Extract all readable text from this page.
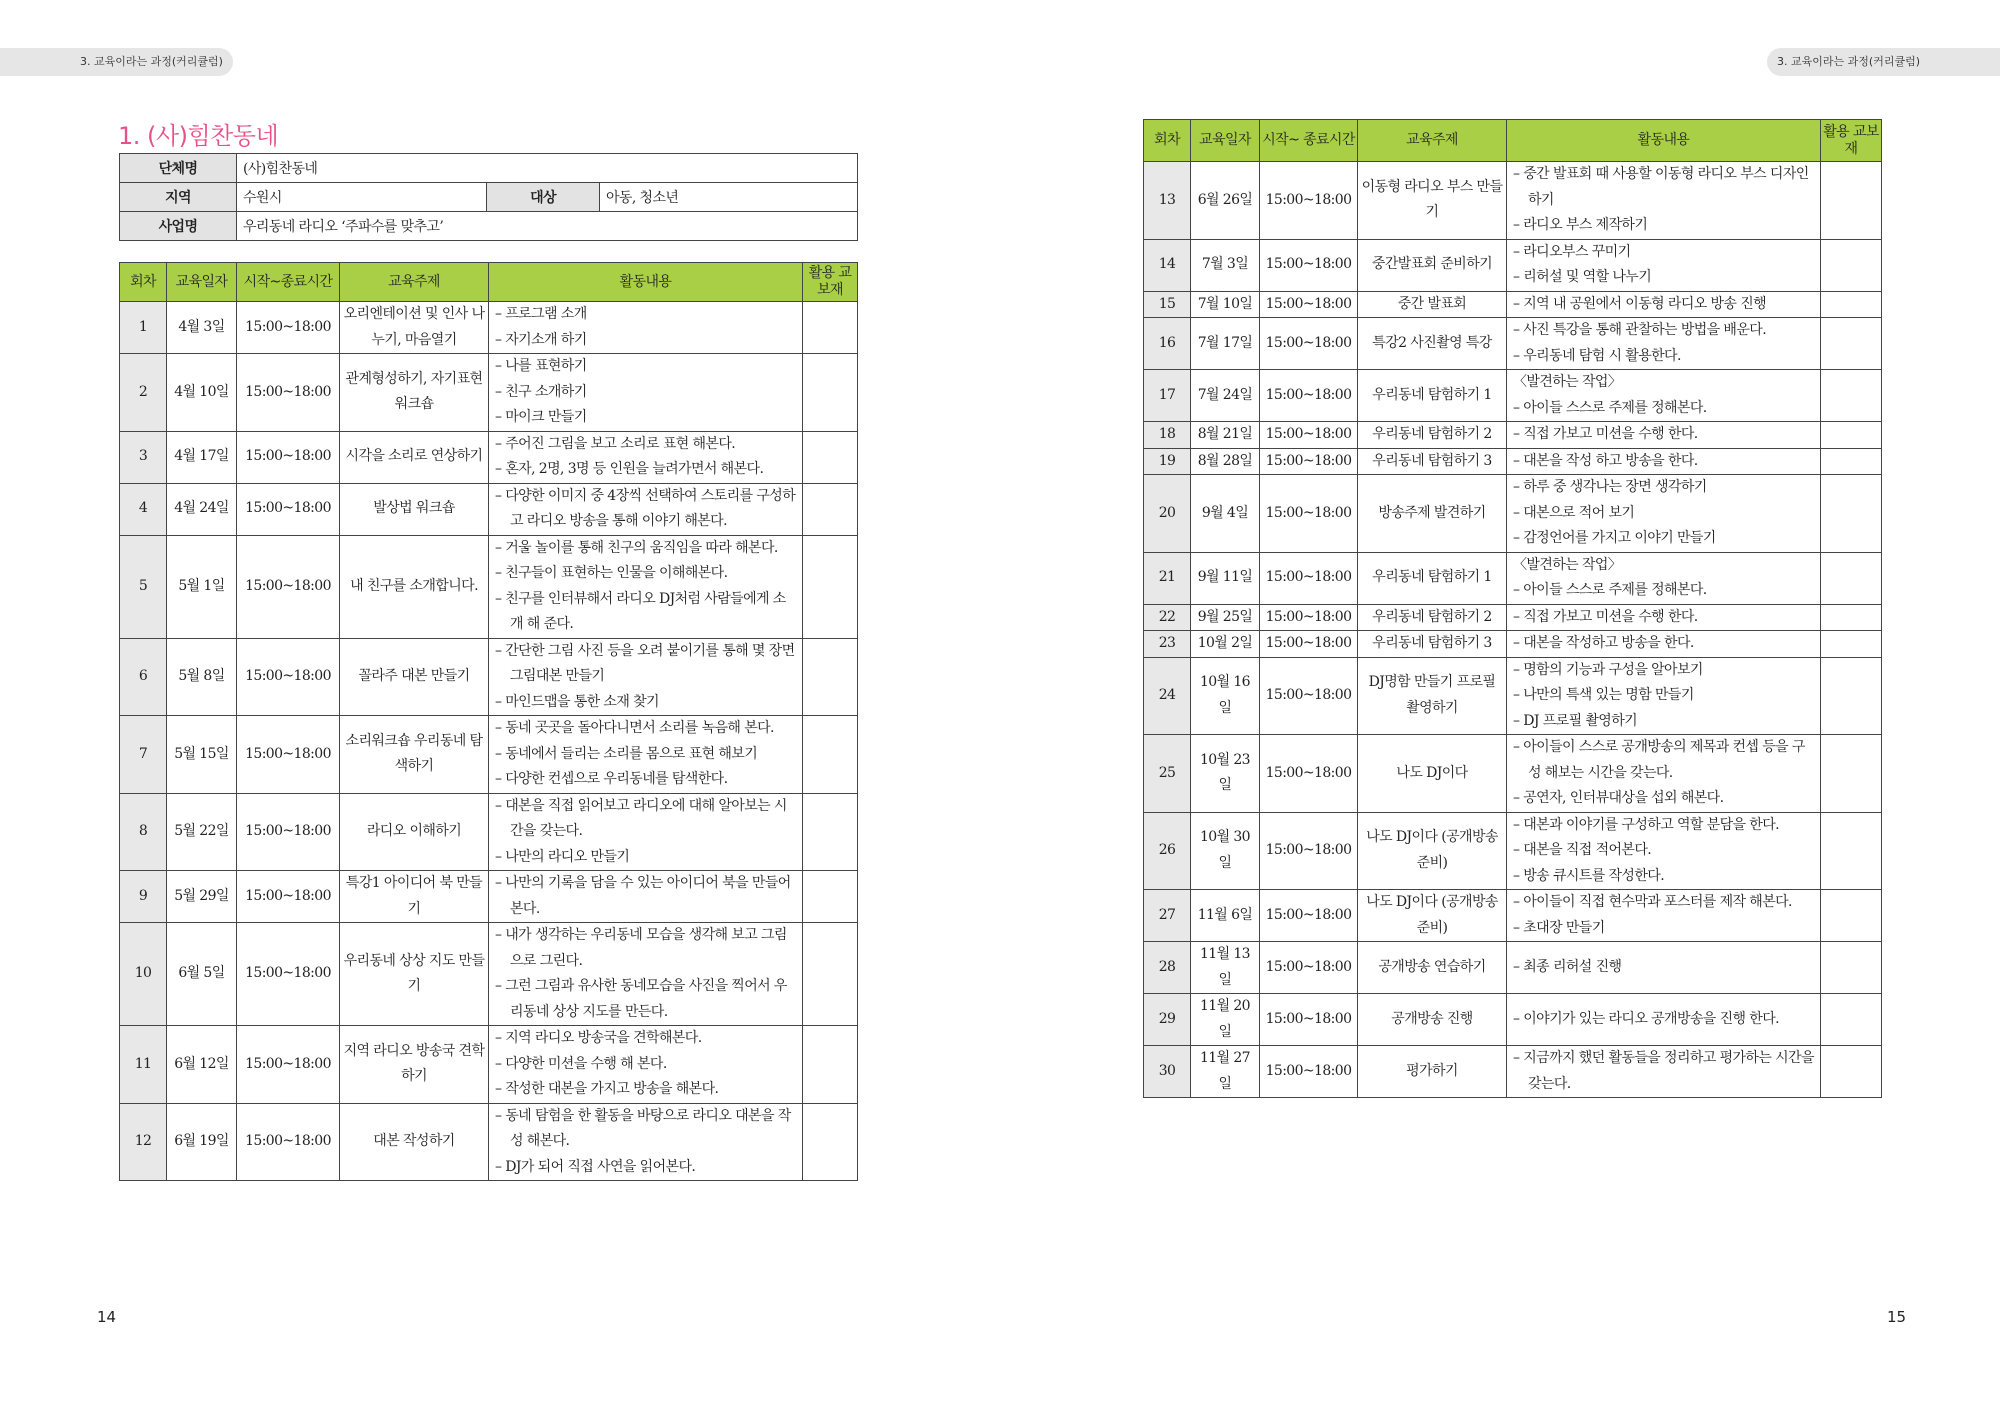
3. 교육이라는 과정(커리큘럼)	3. 교육이라는 과정(커리큘럼)
1. (사)힘찬동네
단체명	(사)힘찬동네		
지역	수원시	대상	아동, 청소년
사업명	우리동네 라디오 ‘주파수를 맞추고’		
회차	교육일자	시작~종료시간	교육주제	활동내용	활용 교보재
1	4월 3일	15:00~18:00	오리엔테이션 및 인사 나누기, 마음열기	– 프로그램 소개
– 자기소개 하기	

2	4월 10일	15:00~18:00	관계형성하기, 자기표현 워크숍	– 나를 표현하기
– 친구 소개하기
– 마이크 만들기	

3	4월 17일	15:00~18:00	시각을 소리로 연상하기	– 주어진 그림을 보고 소리로 표현 해본다.
– 혼자, 2명, 3명 등 인원을 늘려가면서 해본다.	

4	4월 24일	15:00~18:00	발상법 워크숍	– 다양한 이미지 중 4장씩 선택하여 스토리를 구성하고 라디오 방송을 통해 이야기 해본다.	

5	5월 1일	15:00~18:00	내 친구를 소개합니다.	– 거울 놀이를 통해 친구의 움직임을 따라 해본다.
– 친구들이 표현하는 인물을 이해해본다.
– 친구를 인터뷰해서 라디오 DJ처럼 사람들에게 소개 해 준다.	

6	5월 8일	15:00~18:00	꼴라주 대본 만들기	– 간단한 그림 사진 등을 오려 붙이기를 통해 몇 장면 그림대본 만들기
– 마인드맵을 통한 소재 찾기	

7	5월 15일	15:00~18:00	소리워크숍 우리동네 탐색하기	– 동네 곳곳을 돌아다니면서 소리를 녹음해 본다.
– 동네에서 들리는 소리를 몸으로 표현 해보기
– 다양한 컨셉으로 우리동네를 탐색한다.	

8	5월 22일	15:00~18:00	라디오 이해하기	– 대본을 직접 읽어보고 라디오에 대해 알아보는 시간을 갖는다.
– 나만의 라디오 만들기	

9	5월 29일	15:00~18:00	특강1 아이디어 북 만들기	– 나만의 기록을 담을 수 있는 아이디어 북을 만들어본다.	

10	6월 5일	15:00~18:00	우리동네 상상 지도 만들기	– 내가 생각하는 우리동네 모습을 생각해 보고 그림으로 그린다.
– 그런 그림과 유사한 동네모습을 사진을 찍어서 우리동네 상상 지도를 만든다.	

11	6월 12일	15:00~18:00	지역 라디오 방송국 견학하기	– 지역 라디오 방송국을 견학해본다.
– 다양한 미션을 수행 해 본다.
– 작성한 대본을 가지고 방송을 해본다.	

12	6월 19일	15:00~18:00	대본 작성하기	– 동네 탐험을 한 활동을 바탕으로 라디오 대본을 작성 해본다.
– DJ가 되어 직접 사연을 읽어본다.	

회차	교육일자	시작~ 종료시간	교육주제	활동내용	활용 교보재
13	6월 26일	15:00~18:00	이동형 라디오 부스 만들기	– 중간 발표회 때 사용할 이동형 라디오 부스 디자인하기
– 라디오 부스 제작하기	

14	7월 3일	15:00~18:00	중간발표회 준비하기	– 라디오부스 꾸미기
– 리허설 및 역할 나누기	

15	7월 10일	15:00~18:00	중간 발표회	– 지역 내 공원에서 이동형 라디오 방송 진행	

16	7월 17일	15:00~18:00	특강2 사진촬영 특강	– 사진 특강을 통해 관찰하는 방법을 배운다.
– 우리동네 탐험 시 활용한다.	

17	7월 24일	15:00~18:00	우리동네 탐험하기 1	〈발견하는 작업〉
– 아이들 스스로 주제를 정해본다.	

18	8월 21일	15:00~18:00	우리동네 탐험하기 2	– 직접 가보고 미션을 수행 한다.	

19	8월 28일	15:00~18:00	우리동네 탐험하기 3	– 대본을 작성 하고 방송을 한다.	

20	9월 4일	15:00~18:00	방송주제 발견하기	– 하루 중 생각나는 장면 생각하기
– 대본으로 적어 보기
– 감정언어를 가지고 이야기 만들기	

21	9월 11일	15:00~18:00	우리동네 탐험하기 1	〈발견하는 작업〉
– 아이들 스스로 주제를 정해본다.	

22	9월 25일	15:00~18:00	우리동네 탐험하기 2	– 직접 가보고 미션을 수행 한다.	

23	10월 2일	15:00~18:00	우리동네 탐험하기 3	– 대본을 작성하고 방송을 한다.	

24	10월 16일	15:00~18:00	DJ명함 만들기 프로필 촬영하기	– 명함의 기능과 구성을 알아보기
– 나만의 특색 있는 명함 만들기
– DJ 프로필 촬영하기	

25	10월 23일	15:00~18:00	나도 DJ이다	– 아이들이 스스로 공개방송의 제목과 컨셉 등을 구성 해보는 시간을 갖는다.
– 공연자, 인터뷰대상을 섭외 해본다.	

26	10월 30일	15:00~18:00	나도 DJ이다 (공개방송 준비)	– 대본과 이야기를 구성하고 역할 분담을 한다.
– 대본을 직접 적어본다.
– 방송 큐시트를 작성한다.	

27	11월 6일	15:00~18:00	나도 DJ이다 (공개방송 준비)	– 아이들이 직접 현수막과 포스터를 제작 해본다.
– 초대장 만들기	

28	11월 13일	15:00~18:00	공개방송 연습하기	– 최종 리허설 진행	

29	11월 20일	15:00~18:00	공개방송 진행	– 이야기가 있는 라디오 공개방송을 진행 한다.	

30	11월 27일	15:00~18:00	평가하기	– 지금까지 했던 활동들을 정리하고 평가하는 시간을 갖는다.	

14	15
